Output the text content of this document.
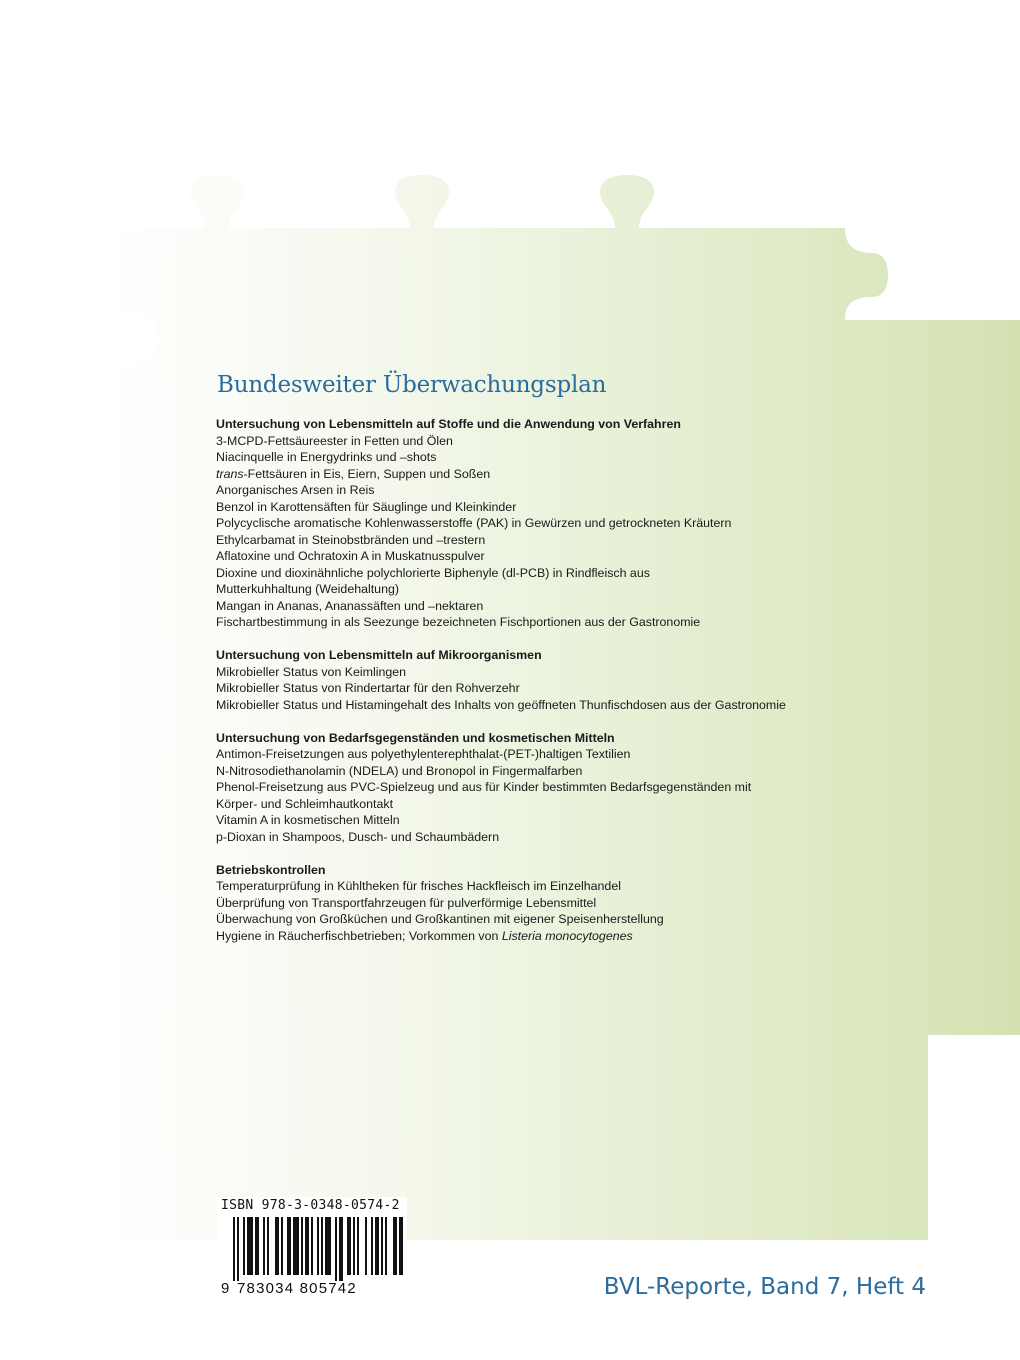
Bundesweiter Überwachungsplan
Untersuchung von Lebensmitteln auf Stoffe und die Anwendung von Verfahren
3-MCPD-Fettsäureester in Fetten und Ölen
Niacinquelle in Energydrinks und –shots
trans-Fettsäuren in Eis, Eiern, Suppen und Soßen
Anorganisches Arsen in Reis
Benzol in Karottensäften für Säuglinge und Kleinkinder
Polycyclische aromatische Kohlenwasserstoffe (PAK) in Gewürzen und getrockneten Kräutern
Ethylcarbamat in Steinobstbränden und –trestern
Aflatoxine und Ochratoxin A in Muskatnusspulver
Dioxine und dioxinähnliche polychlorierte Biphenyle (dl-PCB) in Rindfleisch aus
Mutterkuhhaltung (Weidehaltung)
Mangan in Ananas, Ananassäften und –nektaren
Fischartbestimmung in als Seezunge bezeichneten Fischportionen aus der Gastronomie
Untersuchung von Lebensmitteln auf Mikroorganismen
Mikrobieller Status von Keimlingen
Mikrobieller Status von Rindertartar für den Rohverzehr
Mikrobieller Status und Histamingehalt des Inhalts von geöffneten Thunfischdosen aus der Gastronomie
Untersuchung von Bedarfsgegenständen und kosmetischen Mitteln
Antimon-Freisetzungen aus polyethylenterephthalat-(PET-)haltigen Textilien
N-Nitrosodiethanolamin (NDELA) und Bronopol in Fingermalfarben
Phenol-Freisetzung aus PVC-Spielzeug und aus für Kinder bestimmten Bedarfsgegenständen mit
Körper- und Schleimhautkontakt
Vitamin A in kosmetischen Mitteln
p-Dioxan in Shampoos, Dusch- und Schaumbädern
Betriebskontrollen
Temperaturprüfung in Kühltheken für frisches Hackfleisch im Einzelhandel
Überprüfung von Transportfahrzeugen für pulverförmige Lebensmittel
Überwachung von Großküchen und Großkantinen mit eigener Speisenherstellung
Hygiene in Räucherfischbetrieben; Vorkommen von Listeria monocytogenes
ISBN 978-3-0348-0574-2
9 783034 805742	BVL-Reporte, Band 7, Heft 4
